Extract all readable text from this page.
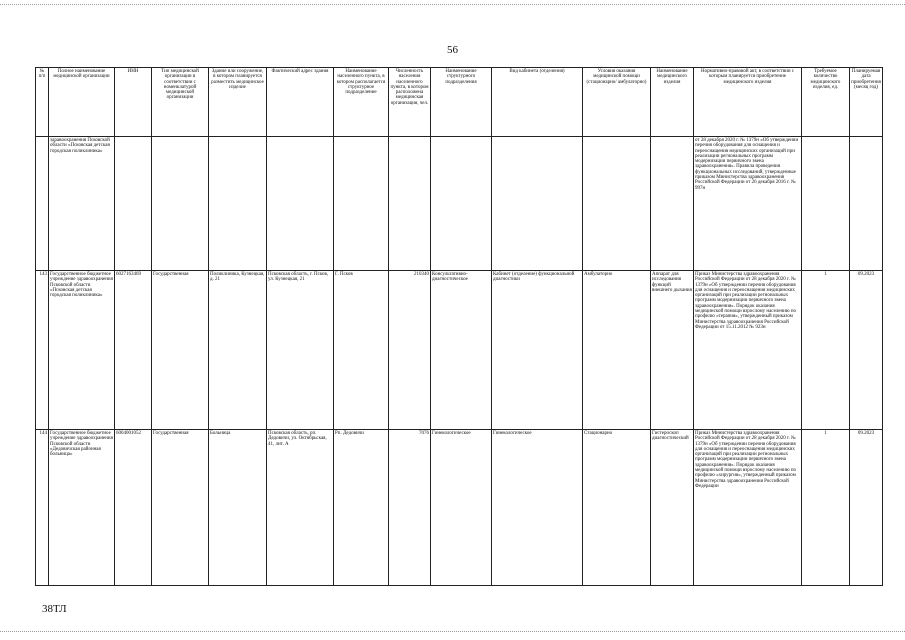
56
№ п/п	Полное наименование медицинской организации	ИНН	Тип медицинской организации в соответствии с номенклатурой медицинской организации	Здание или сооружение, в котором планируется разместить медицинское изделие	Фактический адрес здания	Наименование населенного пункта, в котором располагается структурное подразделение	Численность населения населенного пункта, в котором расположена медицинская организация, чел.	Наименование структурного подразделения	Вид кабинета (отделения)	Условия оказания медицинской помощи (стационарно/ амбулаторно)	Наименование медицинского изделия	Нормативно-правовой акт, в соответствии с которым планируется приобретение медицинского изделия	Требуемое количество медицинского изделия, ед.	Планируемая дата приобретения (месяц год)
	здравоохранения Псковской области «Псковская детская городская поликлиника»											от 28 декабря 2020 г. № 1379н «Об утверждении перечня оборудования для оснащения и переоснащения медицинских организаций при реализации региональных программ модернизации первичного звена здравоохранения». Правила проведения функциональных исследований, утвержденные приказом Министерства здравоохранения Российской Федерации от 26 декабря 2016 г. № 997н		
143	Государственное бюджетное учреждение здравоохранения Псковской области «Псковская детская городская поликлиника»	6027163469	Государственная	Поликлиника, Кузнецкая, д. 21	Псковская область, г. Псков, ул. Кузнецкая, 21	Г. Псков	210340	Консультативно-диагностическое	Кабинет (отделение) функциональной диагностики	Амбулаторно	Аппарат для исследования функций внешнего дыхания	Приказ Министерства здравоохранения Российской Федерации от 28 декабря 2020 г. № 1379н «Об утверждении перечня оборудования для оснащения и переоснащения медицинских организаций при реализации региональных программ модернизации первичного звена здравоохранения». Порядок оказания медицинской помощи взрослому населению по профилю «терапия», утвержденный приказом Министерства здравоохранения Российской Федерации от 15.11.2012 № 923н	1	09.2023
144	Государственное бюджетное учреждение здравоохранения Псковской области «Дедовичская районная больница»	6004001052	Государственная	Больница	Псковская область, рп. Дедовичи, ул. Октябрьская, 41, лит. А	Рп. Дедовичи	7076	Гинекологическое	Гинекологическое	Стационарно	Гистероскоп диагностический	Приказ Министерства здравоохранения Российской Федерации от 28 декабря 2020 г. № 1379н «Об утверждении перечня оборудования для оснащения и переоснащения медицинских организаций при реализации региональных программ модернизации первичного звена здравоохранения». Порядок оказания медицинской помощи взрослому населению по профилю «хирургия», утвержденный приказом Министерства здравоохранения Российской Федерации	1	09.2023
38ТЛ
